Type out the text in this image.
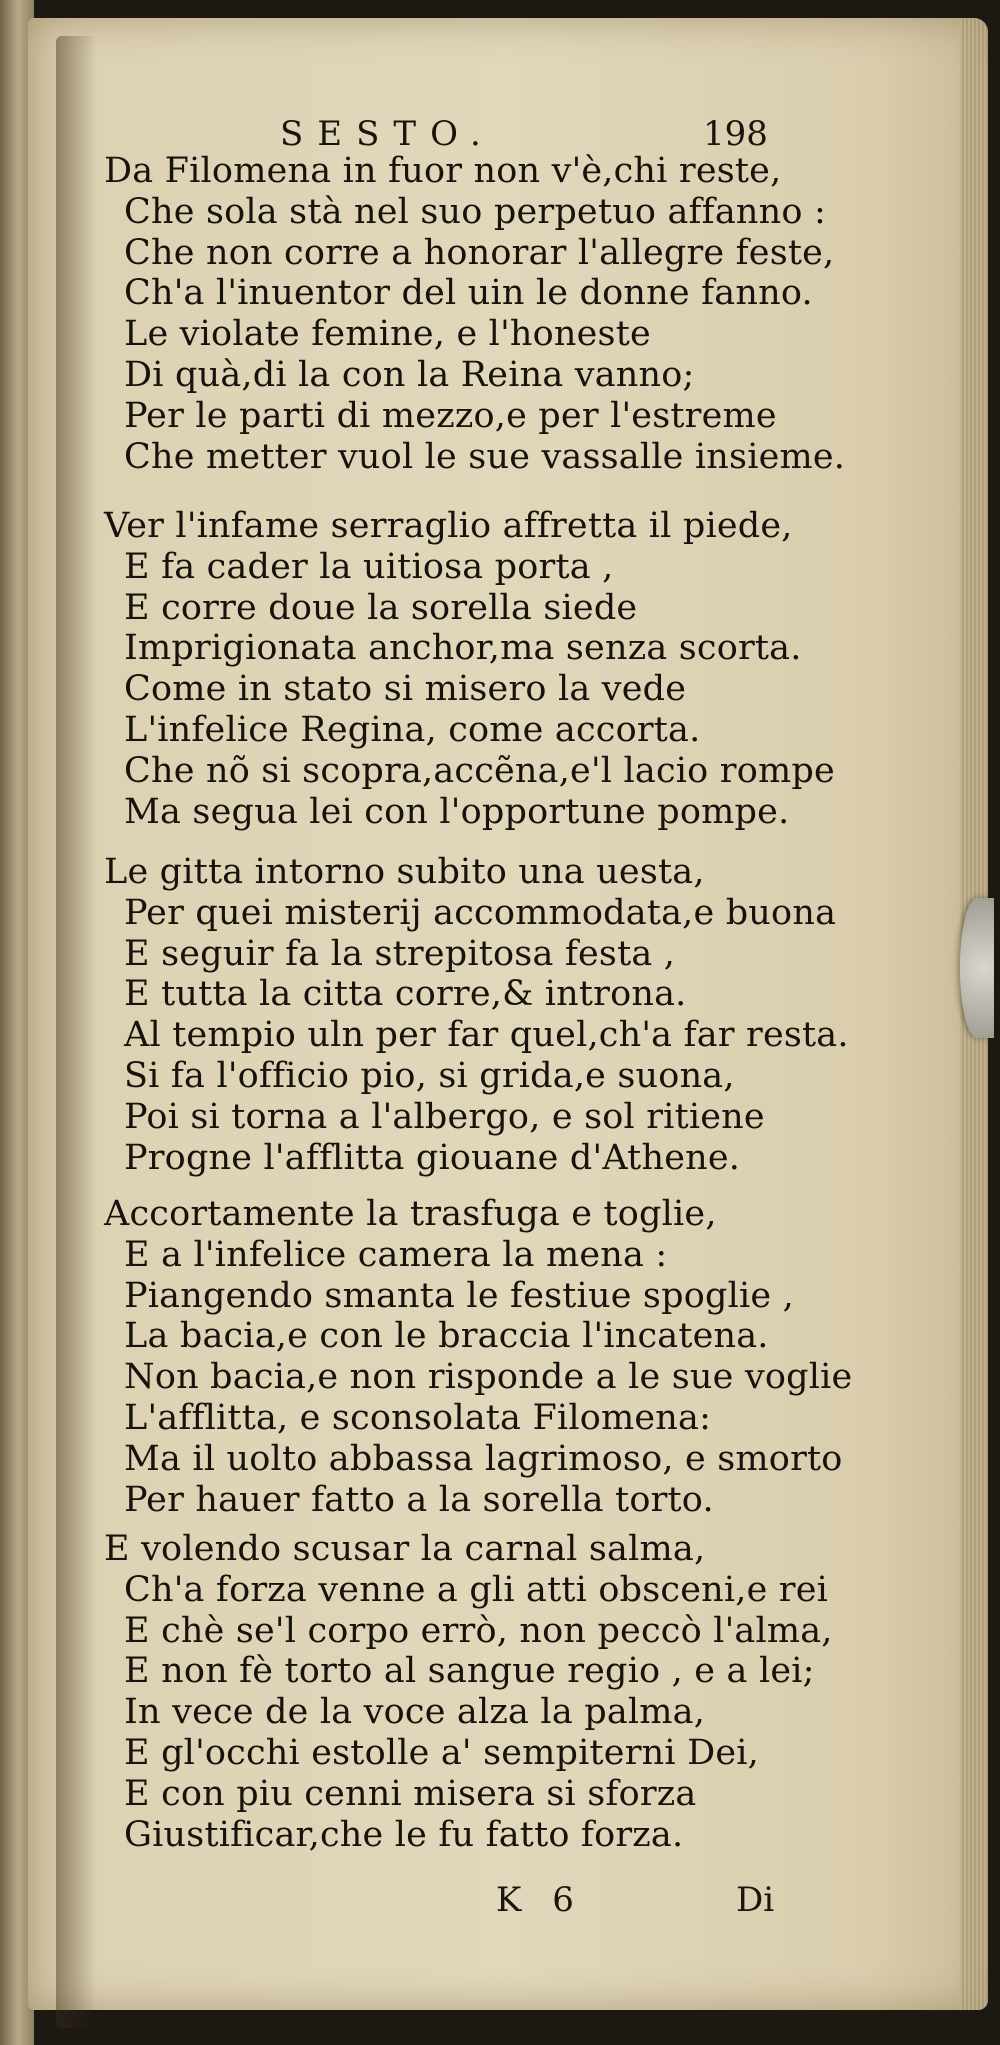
SESTO.	198
Da Filomena in fuor non v'è,chi reste,
Che sola stà nel suo perpetuo affanno :
Che non corre a honorar l'allegre feste,
Ch'a l'inuentor del uin le donne fanno.
Le violate femine, e l'honeste
Di quà,di la con la Reina vanno;
Per le parti di mezzo,e per l'estreme
Che metter vuol le sue vassalle insieme.
Ver l'infame serraglio affretta il piede,
E fa cader la uitiosa porta ,
E corre doue la sorella siede
Imprigionata anchor,ma senza scorta.
Come in stato si misero la vede
L'infelice Regina, come accorta.
Che nõ si scopra,accẽna,e'l lacio rompe
Ma segua lei con l'opportune pompe.
Le gitta intorno subito una uesta,
Per quei misterij accommodata,e buona
E seguir fa la strepitosa festa ,
E tutta la citta corre,& introna.
Al tempio uln per far quel,ch'a far resta.
Si fa l'officio pio, si grida,e suona,
Poi si torna a l'albergo, e sol ritiene
Progne l'afflitta giouane d'Athene.
Accortamente la trasfuga e toglie,
E a l'infelice camera la mena :
Piangendo smanta le festiue spoglie ,
La bacia,e con le braccia l'incatena.
Non bacia,e non risponde a le sue voglie
L'afflitta, e sconsolata Filomena:
Ma il uolto abbassa lagrimoso, e smorto
Per hauer fatto a la sorella torto.
E volendo scusar la carnal salma,
Ch'a forza venne a gli atti obsceni,e rei
E chè se'l corpo errò, non peccò l'alma,
E non fè torto al sangue regio , e a lei;
In vece de la voce alza la palma,
E gl'occhi estolle a' sempiterni Dei,
E con piu cenni misera si sforza
Giustificar,che le fu fatto forza.
K 6	Di
